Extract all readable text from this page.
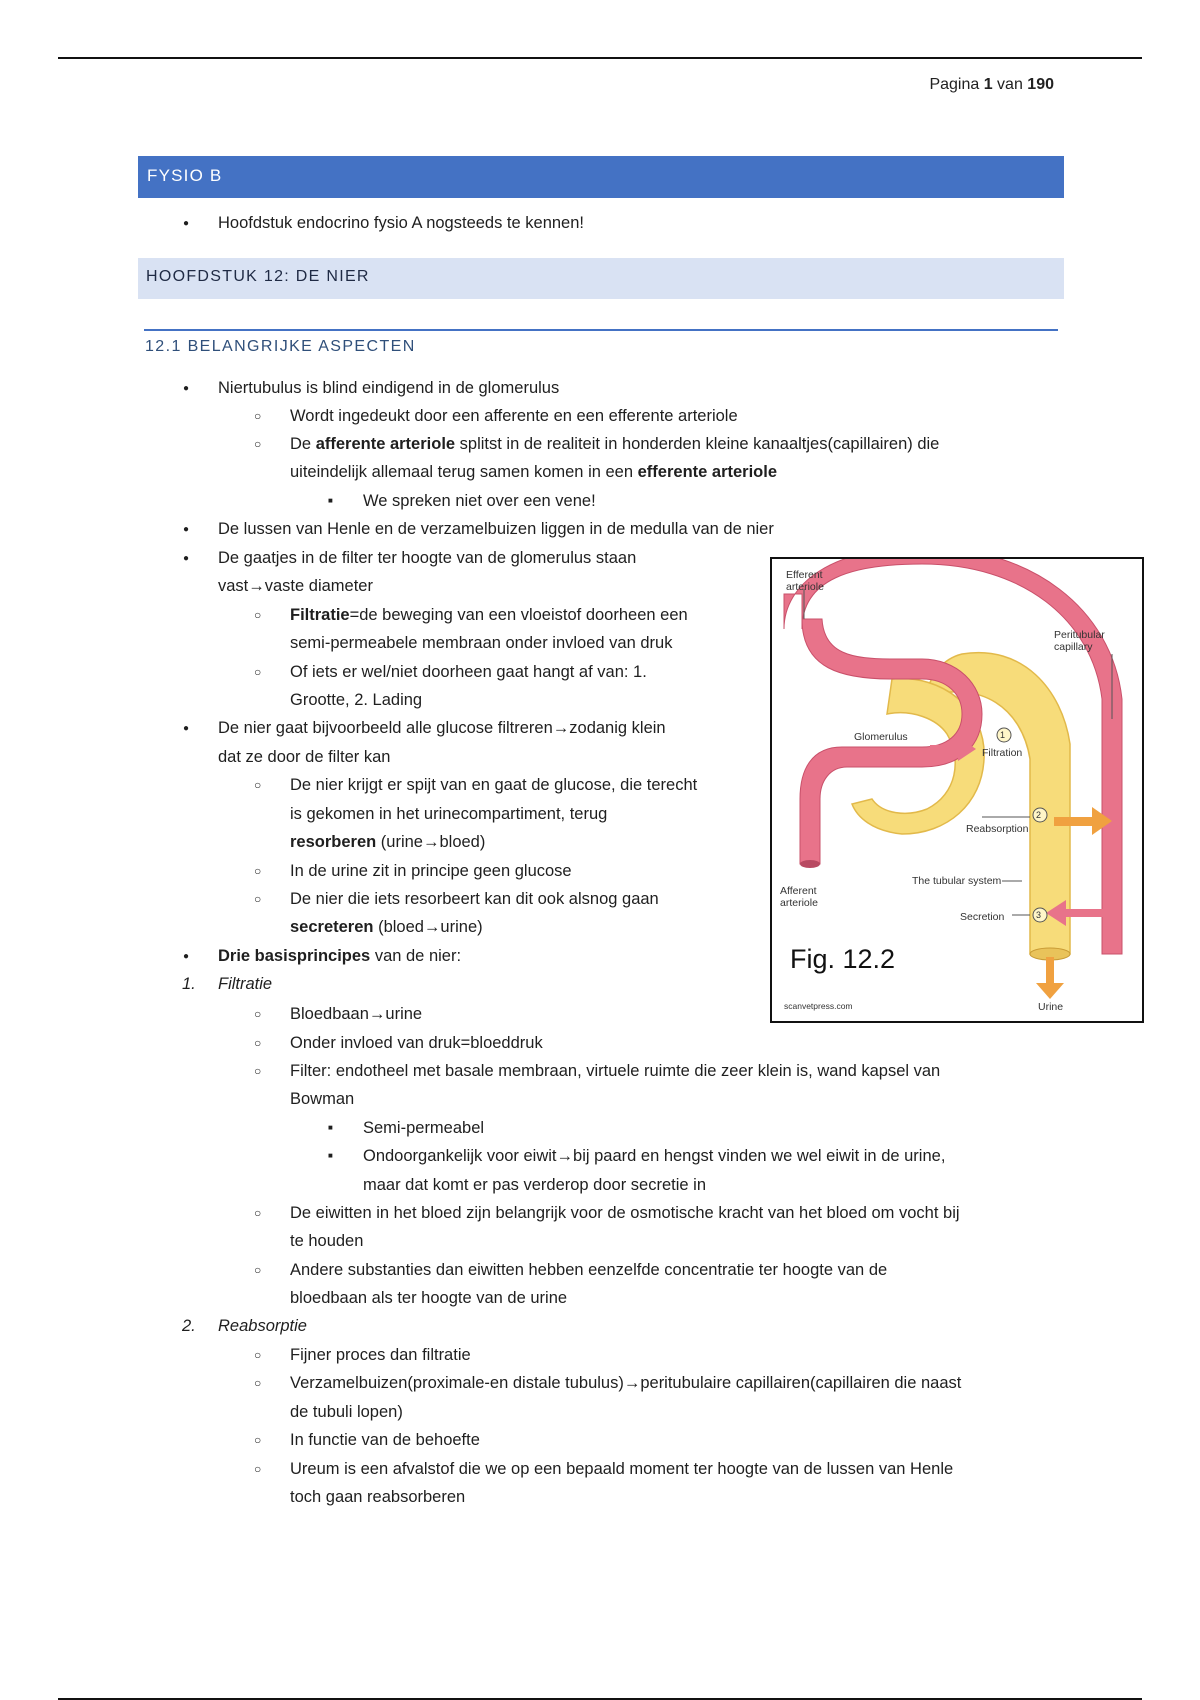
Pagina 1 van 190
FYSIO B
●
Hoofdstuk endocrino fysio A nogsteeds te kennen!
HOOFDSTUK 12: DE NIER
12.1 BELANGRIJKE ASPECTEN
●
Niertubulus is blind eindigend in de glomerulus
○
Wordt ingedeukt door een afferente en een efferente arteriole
○
De afferente arteriole splitst in de realiteit in honderden kleine kanaaltjes(capillairen) die
uiteindelijk allemaal terug samen komen in een efferente arteriole
■
We spreken niet over een vene!
●
De lussen van Henle en de verzamelbuizen liggen in de medulla van de nier
●
De gaatjes in de filter ter hoogte van de glomerulus staan
vast→vaste diameter
○
Filtratie=de beweging van een vloeistof doorheen een
semi-permeabele membraan onder invloed van druk
○
Of iets er wel/niet doorheen gaat hangt af van: 1.
Grootte, 2. Lading
●
De nier gaat bijvoorbeeld alle glucose filtreren→zodanig klein
dat ze door de filter kan
○
De nier krijgt er spijt van en gaat de glucose, die terecht
is gekomen in het urinecompartiment, terug
resorberen (urine→bloed)
○
In de urine zit in principe geen glucose
○
De nier die iets resorbeert kan dit ook alsnog gaan
secreteren (bloed→urine)
●
Drie basisprincipes van de nier:
1. Filtratie
○
Bloedbaan→urine
○
Onder invloed van druk=bloeddruk
○
Filter: endotheel met basale membraan, virtuele ruimte die zeer klein is, wand kapsel van
Bowman
■
Semi-permeabel
■
Ondoorgankelijk voor eiwit→bij paard en hengst vinden we wel eiwit in de urine,
maar dat komt er pas verderop door secretie in
○
De eiwitten in het bloed zijn belangrijk voor de osmotische kracht van het bloed om vocht bij
te houden
○
Andere substanties dan eiwitten hebben eenzelfde concentratie ter hoogte van de
bloedbaan als ter hoogte van de urine
2. Reabsorptie
○
Fijner proces dan filtratie
○
Verzamelbuizen(proximale-en distale tubulus)→peritubulaire capillairen(capillairen die naast
de tubuli lopen)
○
In functie van de behoefte
○
Ureum is een afvalstof die we op een bepaald moment ter hoogte van de lussen van Henle
toch gaan reabsorberen
Efferent
arteriole
Peritubular
capillary
Glomerulus	1
Filtration
2
Reabsorption
The tubular system
Afferent
arteriole
3
Secretion
Fig. 12.2
scanvetpress.com	Urine
